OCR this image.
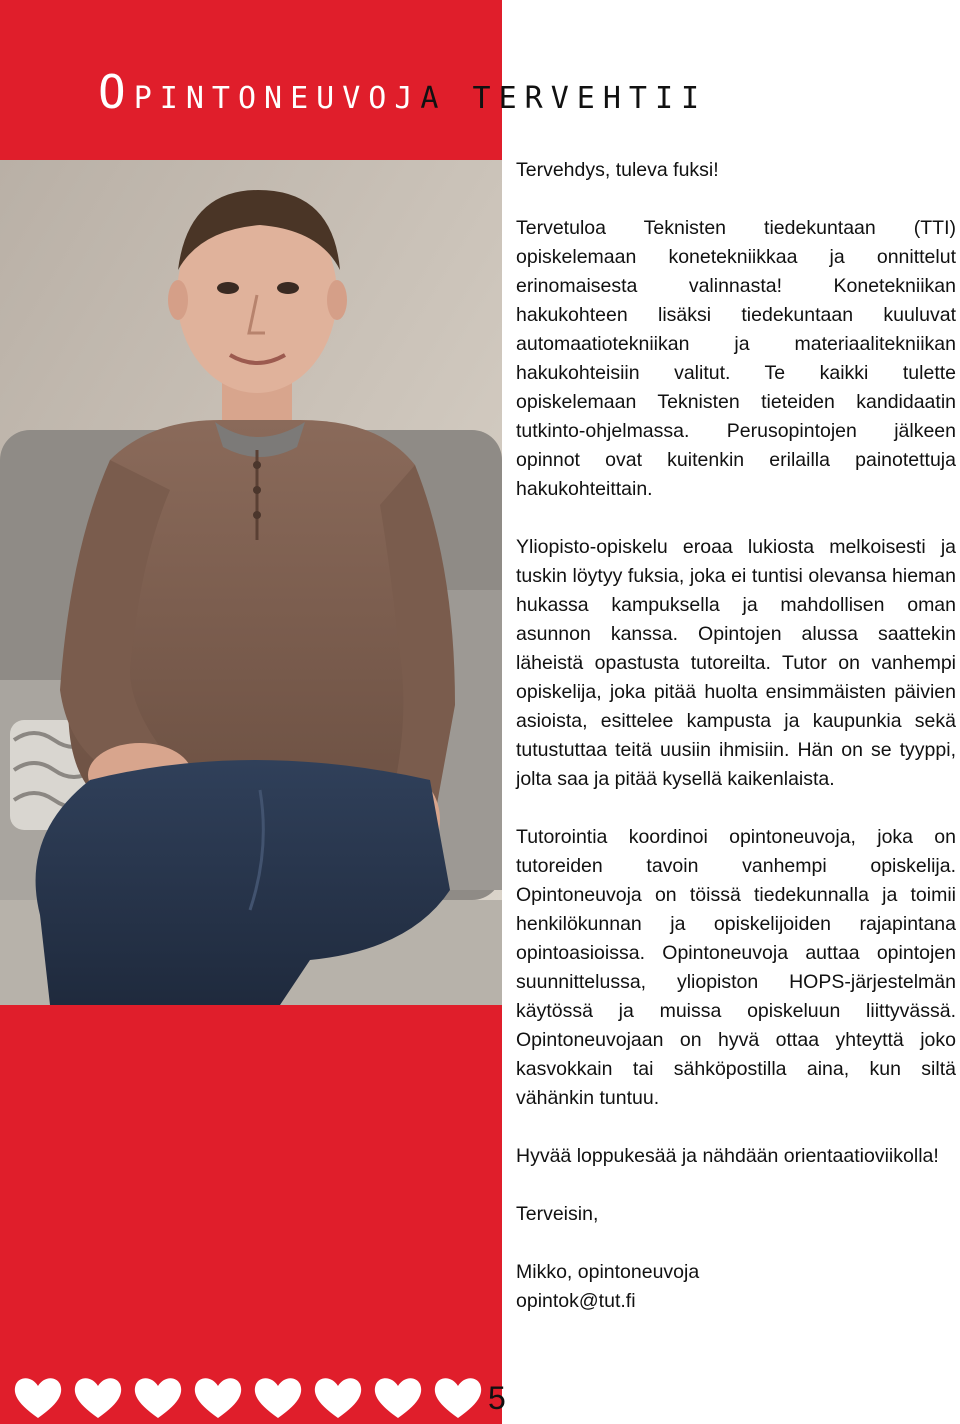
OPINTONEUVOJA TERVEHTII

Tervehdys, tuleva fuksi!

Tervetuloa Teknisten tiedekuntaan (TTI) opiskelemaan konetekniikkaa ja onnittelut erinomaisesta valinnasta! Konetekniikan hakukohteen lisäksi tiedekuntaan kuuluvat automaatiotekniikan ja materiaalitekniikan hakukohteisiin valitut. Te kaikki tulette opiskelemaan Teknisten tieteiden kandidaatin tutkinto-ohjelmassa. Perusopintojen jälkeen opinnot ovat kuitenkin erilailla painotettuja hakukohteittain.

Yliopisto-opiskelu eroaa lukiosta melkoisesti ja tuskin löytyy fuksia, joka ei tuntisi olevansa hieman hukassa kampuksella ja mahdollisen oman asunnon kanssa. Opintojen alussa saattekin läheistä opastusta tutoreilta. Tutor on vanhempi opiskelija, joka pitää huolta ensimmäisten päivien asioista, esittelee kampusta ja kaupunkia sekä tutustuttaa teitä uusiin ihmisiin. Hän on se tyyppi, jolta saa ja pitää kysellä kaikenlaista.

Tutorointia koordinoi opintoneuvoja, joka on tutoreiden tavoin vanhempi opiskelija. Opintoneuvoja on töissä tiedekunnalla ja toimii henkilökunnan ja opiskelijoiden rajapintana opintoasioissa. Opintoneuvoja auttaa opintojen suunnittelussa, yliopiston HOPS-järjestelmän käytössä ja muissa opiskeluun liittyvässä. Opintoneuvojaan on hyvä ottaa yhteyttä joko kasvokkain tai sähköpostilla aina, kun siltä vähänkin tuntuu.

Hyvää loppukesää ja nähdään orientaatioviikolla!

Terveisin,

Mikko, opintoneuvoja

opintok@tut.fi

5
